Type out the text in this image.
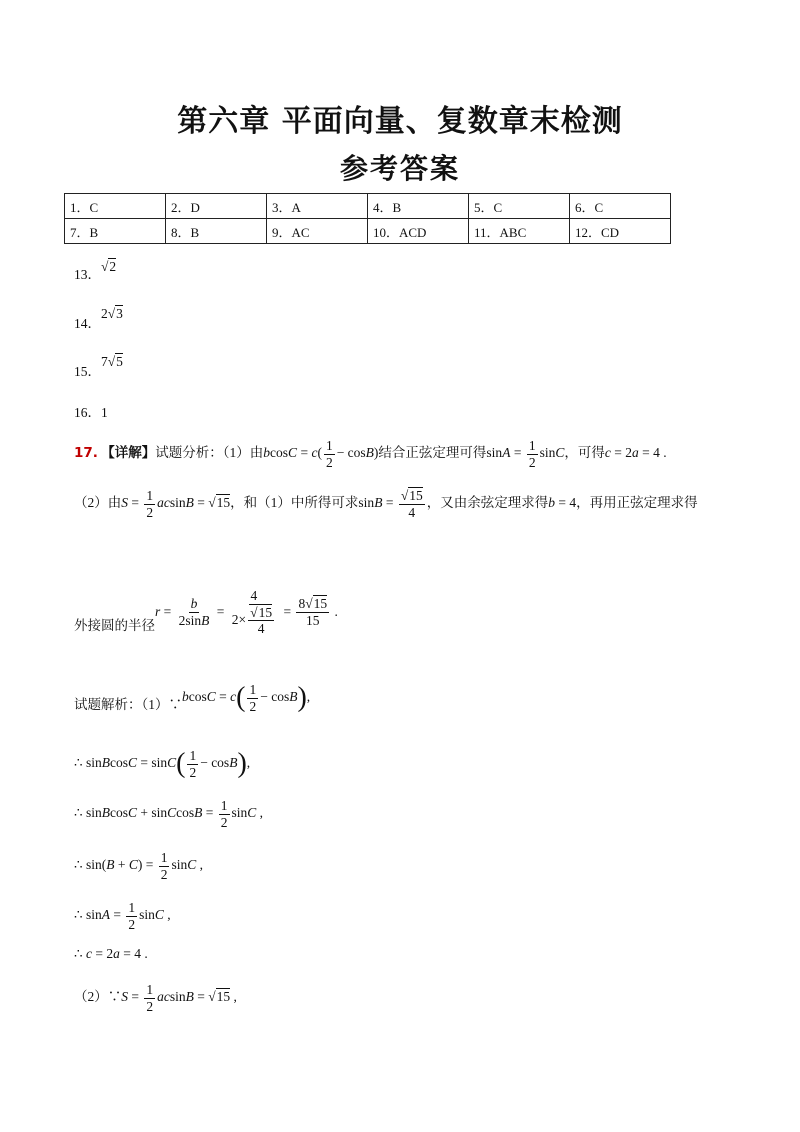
第六章 平面向量、复数章末检测
参考答案
1．C	2．D	3．A	4．B	5．C	6．C
7．B	8．B	9．AC	10．ACD	11．ABC	12．CD
13．√2
14．2√3
15．7√5
16．1
17. 【详解】试题分析：（1）由$bcosC = c( \frac{1}{2} - \cos B)$结合正弦定理可得$\sin A = \frac{1}{2}$ sinC，可得c = 2a = 4 .
（2）由$S = \frac{1}{2}$ acsinB = √15，和（1）中所得可求$\sin B = \frac{√15}{4}$ ，又由余弦定理求得b = 4，再用正弦定理求得
外接圆的半径
$r = \frac{b}{2\sin B} = \frac{4}{2\times \frac{√15}{4}} = \frac{8√15}{15}$ .
试题解析：（1）∵bcosC = $c( \frac{1}{2} - \cos B)$,
∴ sinBcosC = $\sin C( \frac{1}{2} - \cos B)$,
∴ sinBcosC + sinCcosB = $\frac{1}{2}$ sinC ,
∴ $\sin(B + C) = \frac{1}{2}$ sinC ,
∴ $\sin A = \frac{1}{2}$ sinC ,
∴ c = 2a = 4 .
（2）∵S = $\frac{1}{2}$ acsinB = √15 ,
